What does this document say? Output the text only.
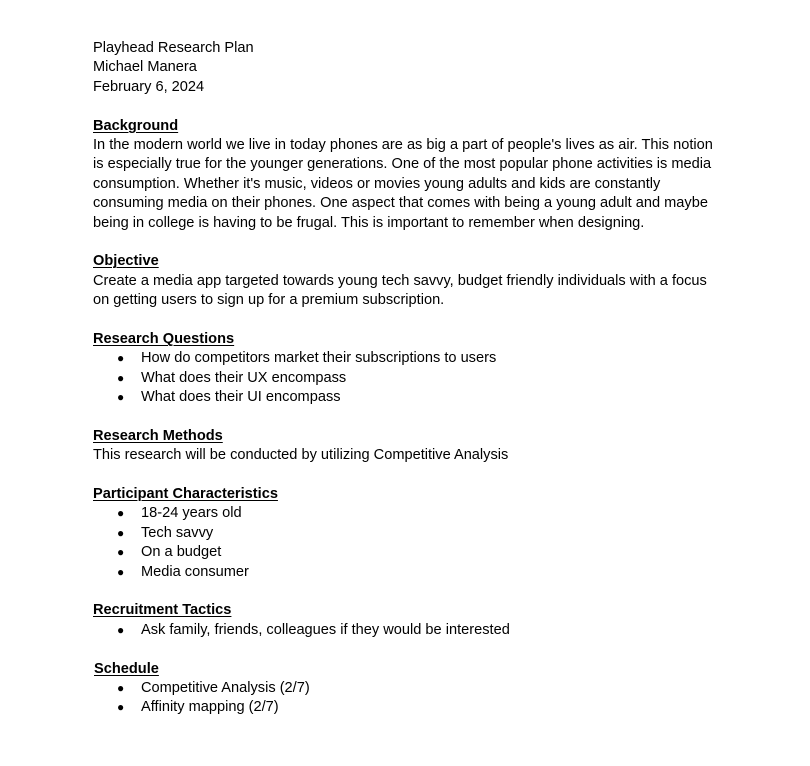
Playhead Research Plan
Michael Manera
February 6, 2024
Background
In the modern world we live in today phones are as big a part of people's lives as air. This notion
is especially true for the younger generations. One of the most popular phone activities is media
consumption. Whether it's music, videos or movies young adults and kids are constantly
consuming media on their phones. One aspect that comes with being a young adult and maybe
being in college is having to be frugal. This is important to remember when designing.
Objective
Create a media app targeted towards young tech savvy, budget friendly individuals with a focus
on getting users to sign up for a premium subscription.
Research Questions
● How do competitors market their subscriptions to users
● What does their UX encompass
● What does their UI encompass
Research Methods
This research will be conducted by utilizing Competitive Analysis
Participant Characteristics
● 18-24 years old
● Tech savvy
● On a budget
● Media consumer
Recruitment Tactics
● Ask family, friends, colleagues if they would be interested
Schedule
● Competitive Analysis (2/7)
● Affinity mapping (2/7)
